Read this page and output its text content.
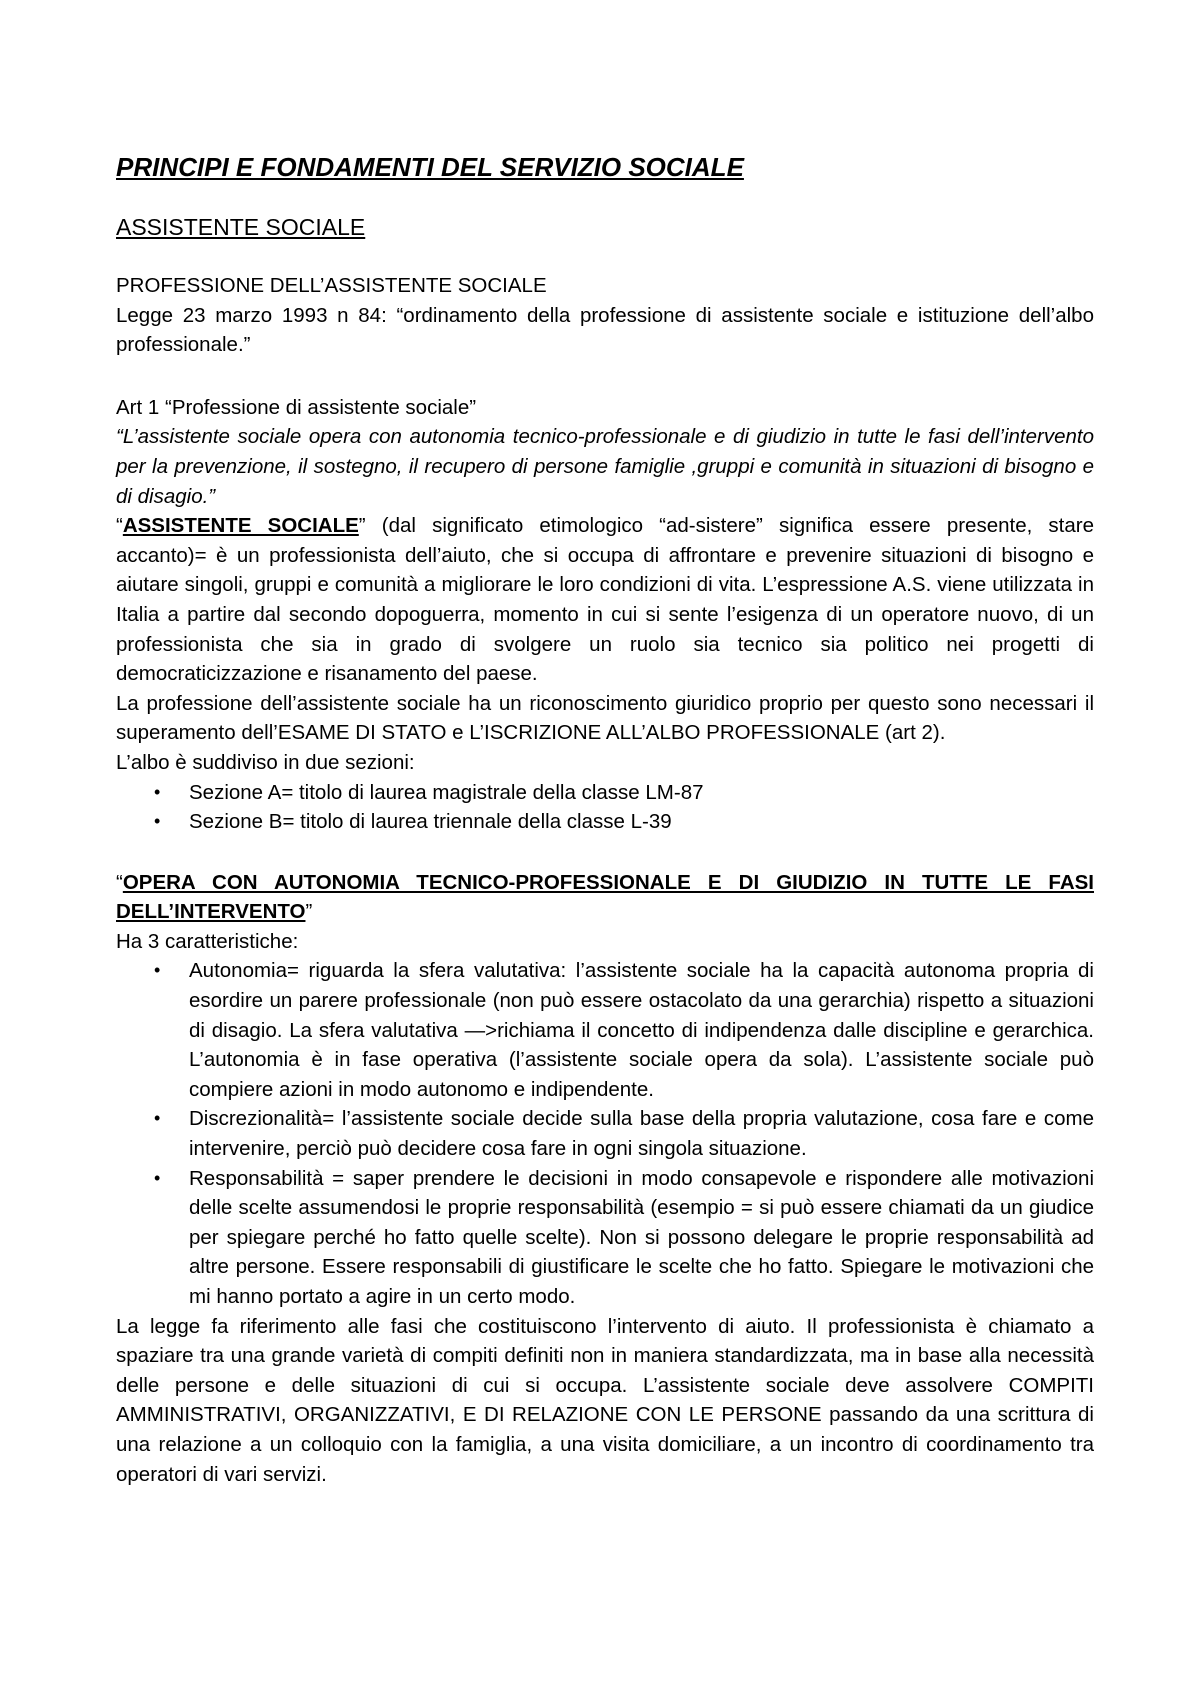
PRINCIPI E FONDAMENTI DEL SERVIZIO SOCIALE

ASSISTENTE SOCIALE

PROFESSIONE DELL’ASSISTENTE SOCIALE

Legge 23 marzo 1993 n 84: “ordinamento della professione di assistente sociale e istituzione dell’albo professionale.”

Art 1 “Professione di assistente sociale”

“L’assistente sociale opera con autonomia tecnico-professionale e di giudizio in tutte le fasi dell’intervento per la prevenzione, il sostegno, il recupero di persone famiglie ,gruppi e comunità in situazioni di bisogno e di disagio.”

“ASSISTENTE SOCIALE” (dal significato etimologico “ad-sistere” significa essere presente, stare accanto)= è un professionista dell’aiuto, che si occupa di affrontare e prevenire situazioni di bisogno e aiutare singoli, gruppi e comunità a migliorare le loro condizioni di vita. L’espressione A.S. viene utilizzata in Italia a partire dal secondo dopoguerra, momento in cui si sente l’esigenza di un operatore nuovo, di un professionista che sia in grado di svolgere un ruolo sia tecnico sia politico nei progetti di democraticizzazione e risanamento del paese.

La professione dell’assistente sociale ha un riconoscimento giuridico proprio per questo sono necessari il superamento dell’ESAME DI STATO e L’ISCRIZIONE ALL’ALBO PROFESSIONALE (art 2).

L’albo è suddiviso in due sezioni:

• Sezione A= titolo di laurea magistrale della classe LM-87
• Sezione B= titolo di laurea triennale della classe L-39

“OPERA CON AUTONOMIA TECNICO-PROFESSIONALE E DI GIUDIZIO IN TUTTE LE FASI DELL’INTERVENTO”

Ha 3 caratteristiche:

• Autonomia= riguarda la sfera valutativa: l’assistente sociale ha la capacità autonoma propria di esordire un parere professionale (non può essere ostacolato da una gerarchia) rispetto a situazioni di disagio. La sfera valutativa —>richiama il concetto di indipendenza dalle discipline e gerarchica. L’autonomia è in fase operativa (l’assistente sociale opera da sola). L’assistente sociale può compiere azioni in modo autonomo e indipendente.
• Discrezionalità= l’assistente sociale decide sulla base della propria valutazione, cosa fare e come intervenire, perciò può decidere cosa fare in ogni singola situazione.
• Responsabilità = saper prendere le decisioni in modo consapevole e rispondere alle motivazioni delle scelte assumendosi le proprie responsabilità (esempio = si può essere chiamati da un giudice per spiegare perché ho fatto quelle scelte). Non si possono delegare le proprie responsabilità ad altre persone. Essere responsabili di giustificare le scelte che ho fatto. Spiegare le motivazioni che mi hanno portato a agire in un certo modo.

La legge fa riferimento alle fasi che costituiscono l’intervento di aiuto. Il professionista è chiamato a spaziare tra una grande varietà di compiti definiti non in maniera standardizzata, ma in base alla necessità delle persone e delle situazioni di cui si occupa. L’assistente sociale deve assolvere COMPITI AMMINISTRATIVI, ORGANIZZATIVI, E DI RELAZIONE CON LE PERSONE passando da una scrittura di una relazione a un colloquio con la famiglia, a una visita domiciliare, a un incontro di coordinamento tra operatori di vari servizi.
